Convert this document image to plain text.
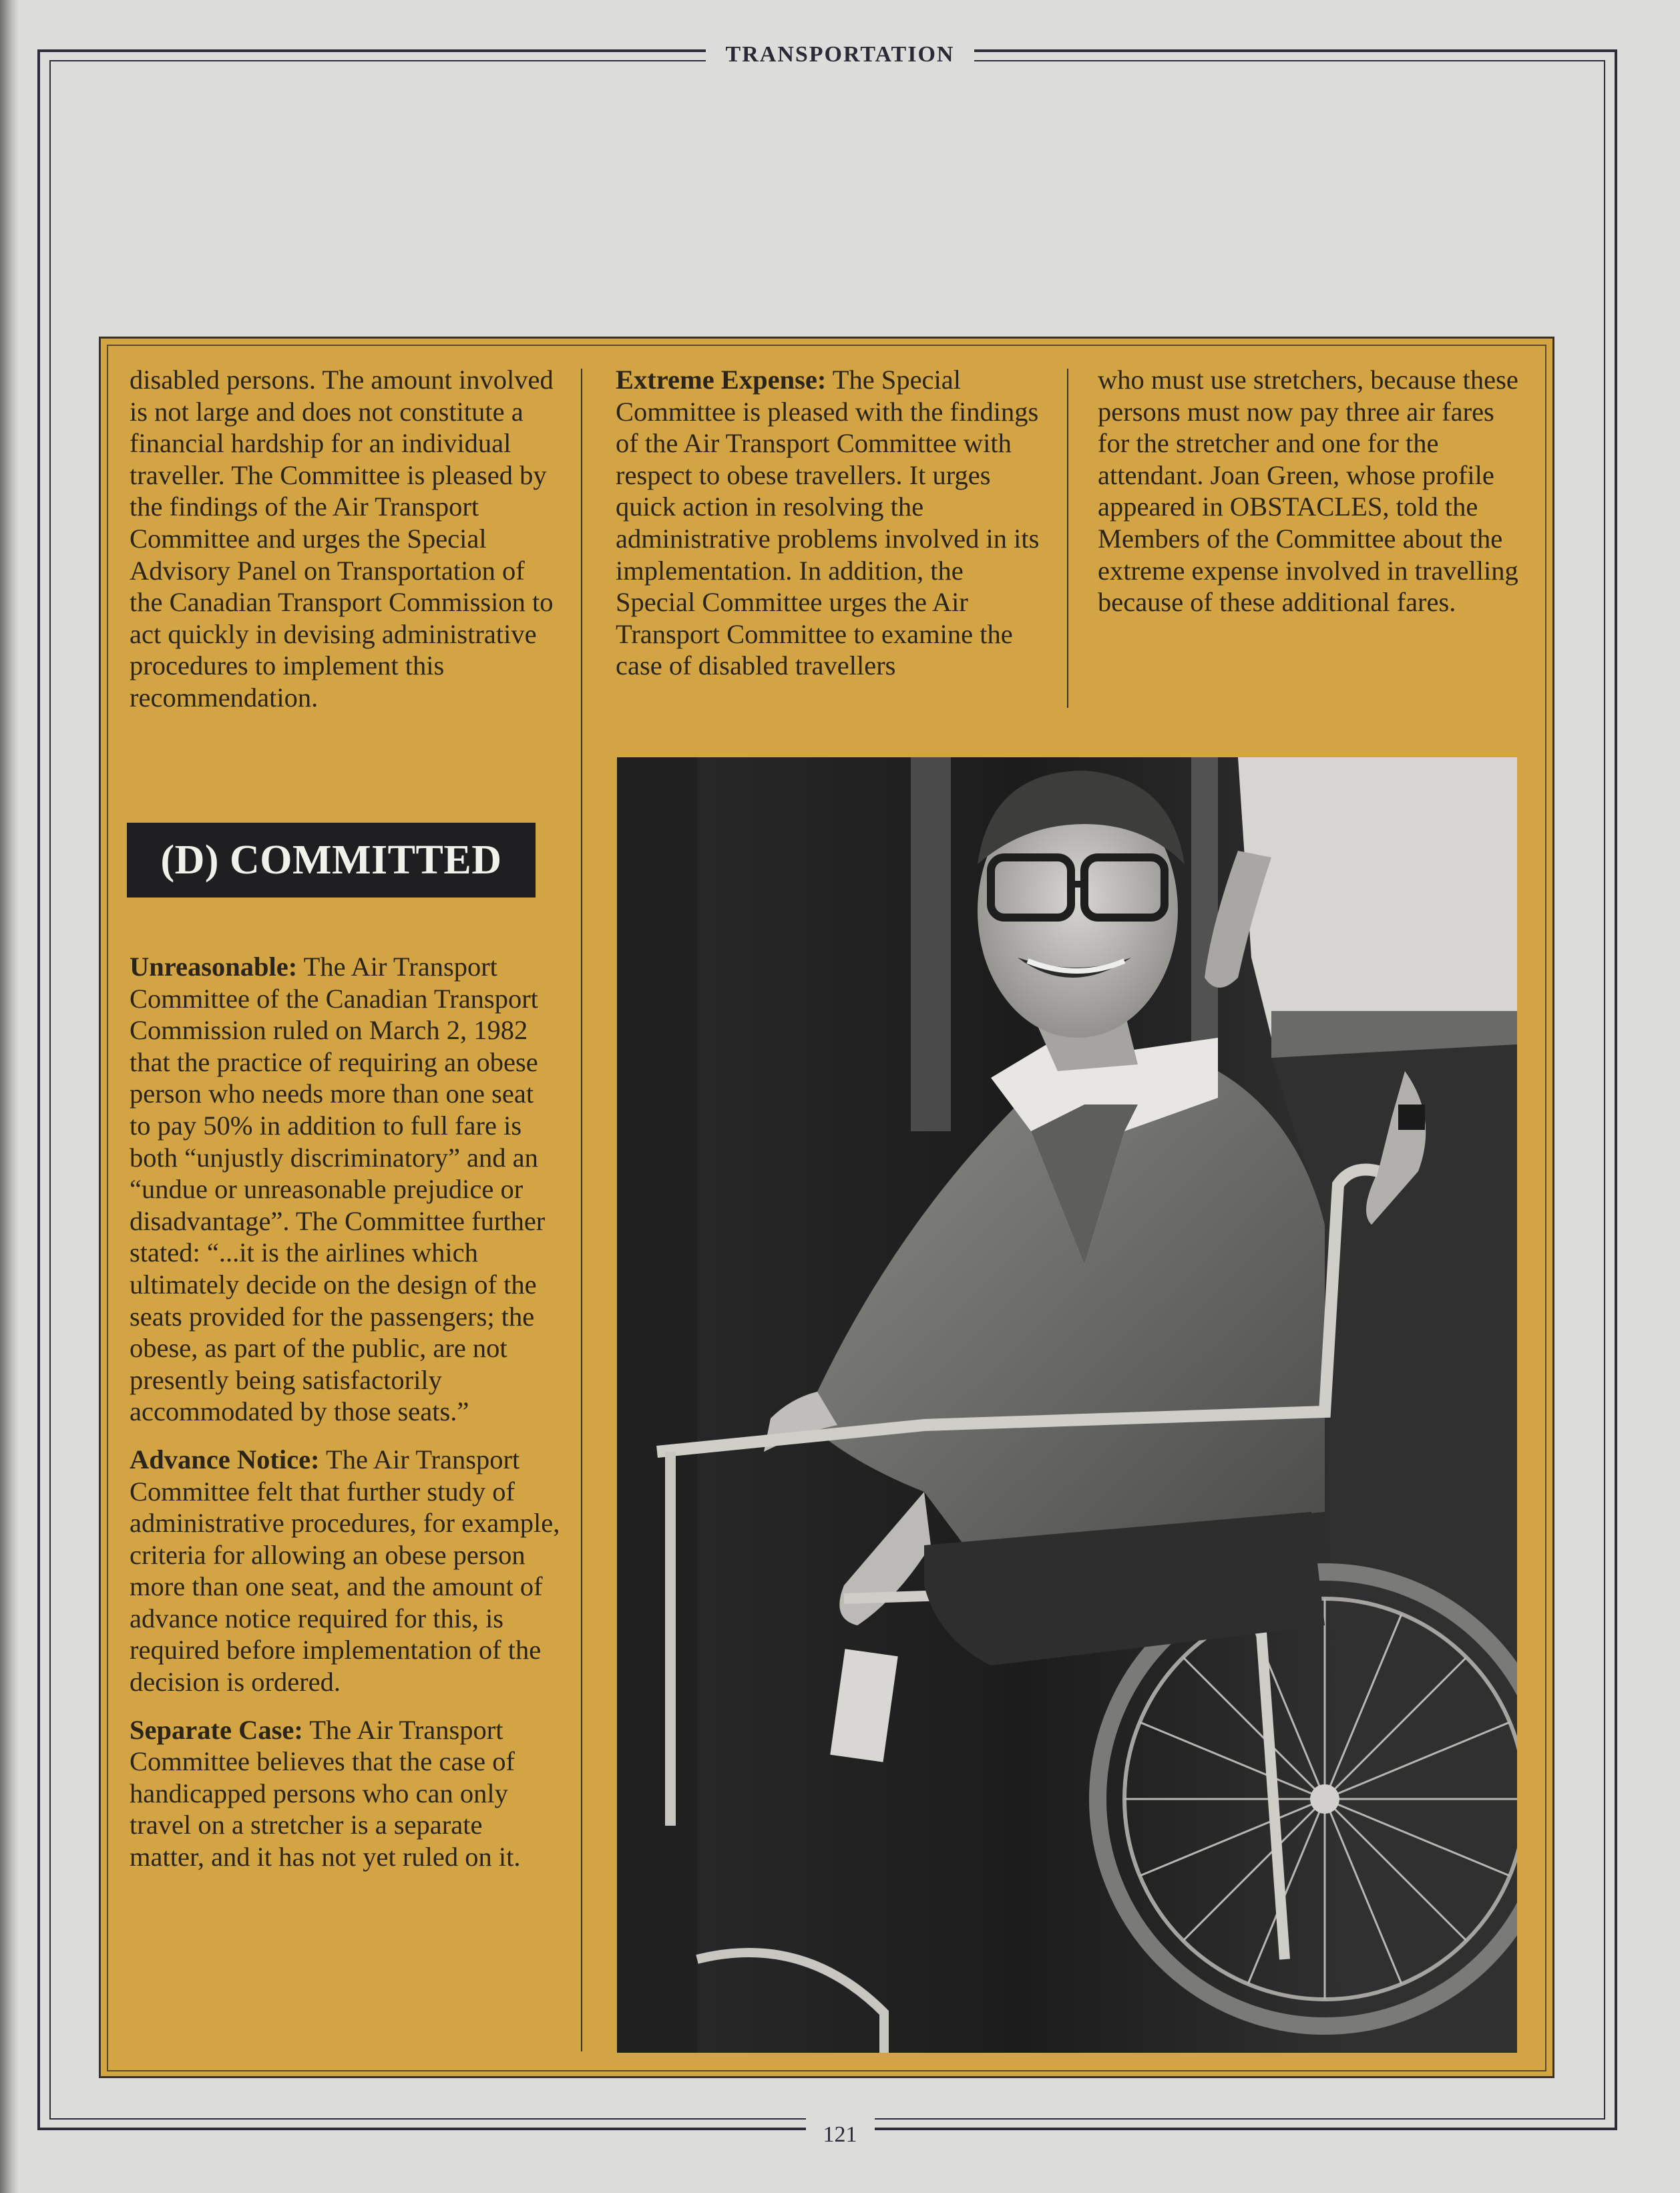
TRANSPORTATION

disabled persons. The amount involved is not large and does not constitute a financial hardship for an individual traveller. The Committee is pleased by the findings of the Air Transport Committee and urges the Special Advisory Panel on Transportation of the Canadian Transport Commission to act quickly in devising administrative procedures to implement this recommendation.

(D) COMMITTED

Unreasonable: The Air Transport Committee of the Canadian Transport Commission ruled on March 2, 1982 that the practice of requiring an obese person who needs more than one seat to pay 50% in addition to full fare is both “unjustly discriminatory” and an “undue or unreasonable prejudice or disadvantage”. The Committee further stated: “...it is the airlines which ultimately decide on the design of the seats provided for the passengers; the obese, as part of the public, are not presently being satisfactorily accommodated by those seats.”

Advance Notice: The Air Transport Committee felt that further study of administrative procedures, for example, criteria for allowing an obese person more than one seat, and the amount of advance notice required for this, is required before implementation of the decision is ordered.

Separate Case: The Air Transport Committee believes that the case of handicapped persons who can only travel on a stretcher is a separate matter, and it has not yet ruled on it.

Extreme Expense: The Special Committee is pleased with the findings of the Air Transport Committee with respect to obese travellers. It urges quick action in resolving the administrative problems involved in its implementation. In addition, the Special Committee urges the Air Transport Committee to examine the case of disabled travellers

who must use stretchers, because these persons must now pay three air fares for the stretcher and one for the attendant. Joan Green, whose profile appeared in OBSTACLES, told the Members of the Committee about the extreme expense involved in travelling because of these additional fares.

121
